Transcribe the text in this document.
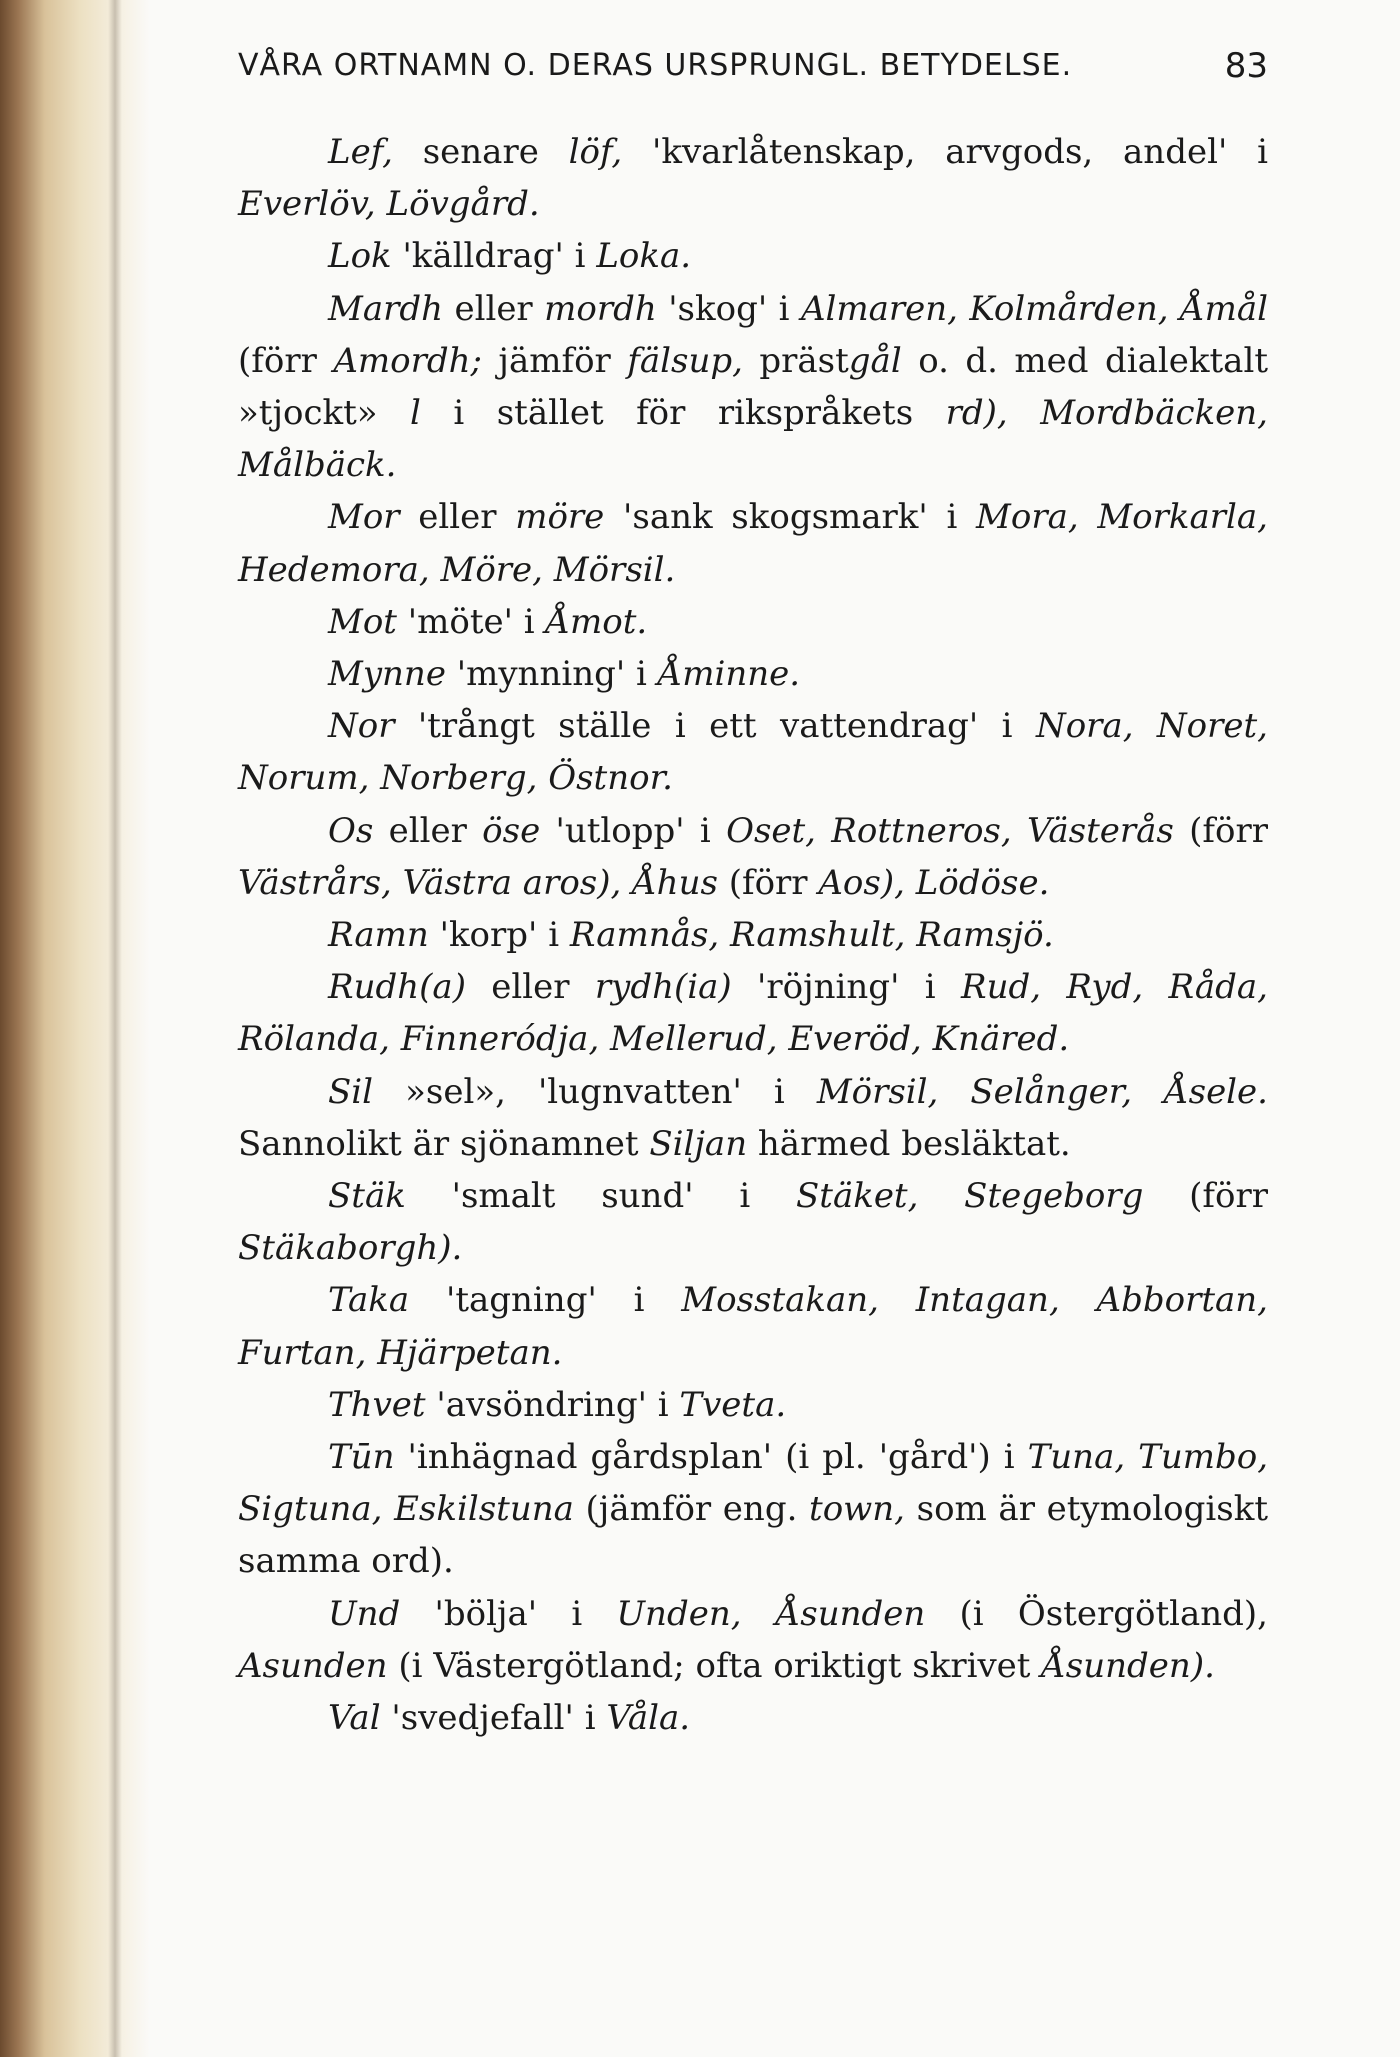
VÅRA ORTNAMN O. DERAS URSPRUNGL. BETYDELSE.	83

Lef, senare löf, 'kvarlåtenskap, arvgods, andel' i Everlöv, Lövgård.

Lok 'källdrag' i Loka.

Mardh eller mordh 'skog' i Almaren, Kolmården, Åmål (förr Amordh; jämför fälsup, prästgål o. d. med dialektalt »tjockt» l i stället för rikspråkets rd), Mordbäcken, Målbäck.

Mor eller möre 'sank skogsmark' i Mora, Morkarla, Hedemora, Möre, Mörsil.

Mot 'möte' i Åmot.

Mynne 'mynning' i Åminne.

Nor 'trångt ställe i ett vattendrag' i Nora, Noret, Norum, Norberg, Östnor.

Os eller öse 'utlopp' i Oset, Rottneros, Västerås (förr Västrårs, Västra aros), Åhus (förr Aos), Lödöse.

Ramn 'korp' i Ramnås, Ramshult, Ramsjö.

Rudh(a) eller rydh(ia) 'röjning' i Rud, Ryd, Råda, Rölanda, Finneródja, Mellerud, Everöd, Knäred.

Sil »sel», 'lugnvatten' i Mörsil, Selånger, Åsele. Sannolikt är sjönamnet Siljan härmed besläktat.

Stäk 'smalt sund' i Stäket, Stegeborg (förr Stäkaborgh).

Taka 'tagning' i Mosstakan, Intagan, Abbortan, Furtan, Hjärpetan.

Thvet 'avsöndring' i Tveta.

Tūn 'inhägnad gårdsplan' (i pl. 'gård') i Tuna, Tumbo, Sigtuna, Eskilstuna (jämför eng. town, som är etymologiskt samma ord).

Und 'bölja' i Unden, Åsunden (i Östergötland), Asunden (i Västergötland; ofta oriktigt skrivet Åsunden).

Val 'svedjefall' i Våla.
